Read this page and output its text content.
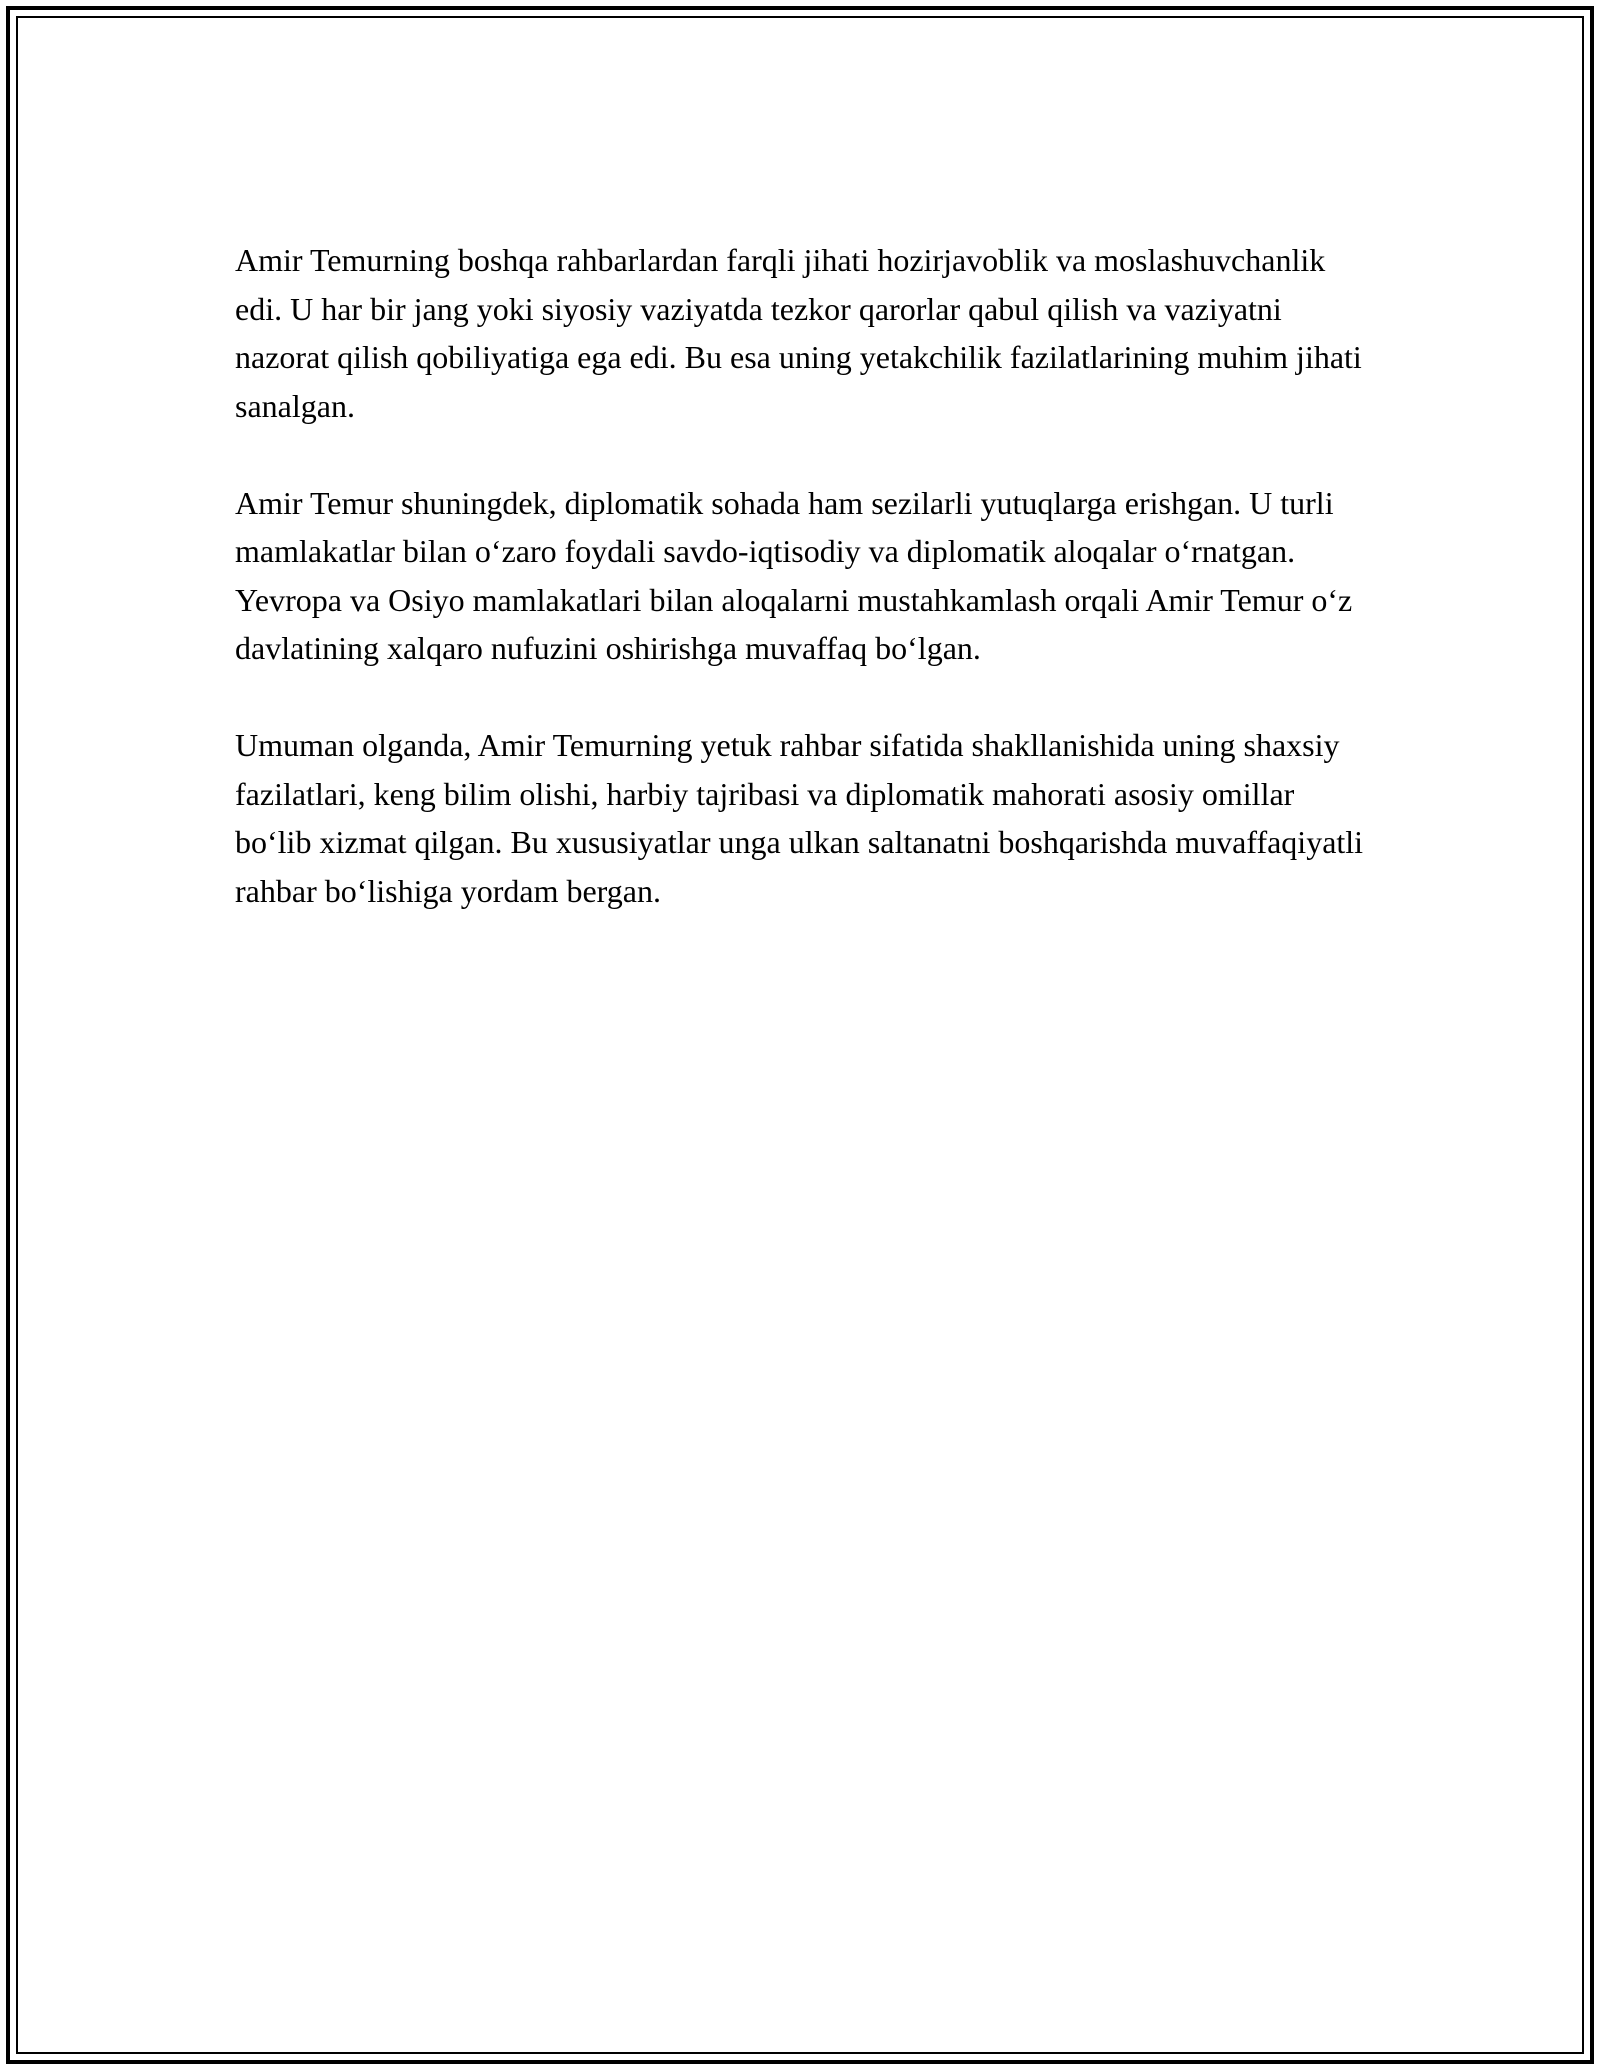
Amir Temurning boshqa rahbarlardan farqli jihati hozirjavoblik va moslashuvchanlik edi. U har bir jang yoki siyosiy vaziyatda tezkor qarorlar qabul qilish va vaziyatni nazorat qilish qobiliyatiga ega edi. Bu esa uning yetakchilik fazilatlarining muhim jihati sanalgan.

Amir Temur shuningdek, diplomatik sohada ham sezilarli yutuqlarga erishgan. U turli mamlakatlar bilan o‘zaro foydali savdo-iqtisodiy va diplomatik aloqalar o‘rnatgan. Yevropa va Osiyo mamlakatlari bilan aloqalarni mustahkamlash orqali Amir Temur o‘z davlatining xalqaro nufuzini oshirishga muvaffaq bo‘lgan.

Umuman olganda, Amir Temurning yetuk rahbar sifatida shakllanishida uning shaxsiy fazilatlari, keng bilim olishi, harbiy tajribasi va diplomatik mahorati asosiy omillar bo‘lib xizmat qilgan. Bu xususiyatlar unga ulkan saltanatni boshqarishda muvaffaqiyatli rahbar bo‘lishiga yordam bergan.
